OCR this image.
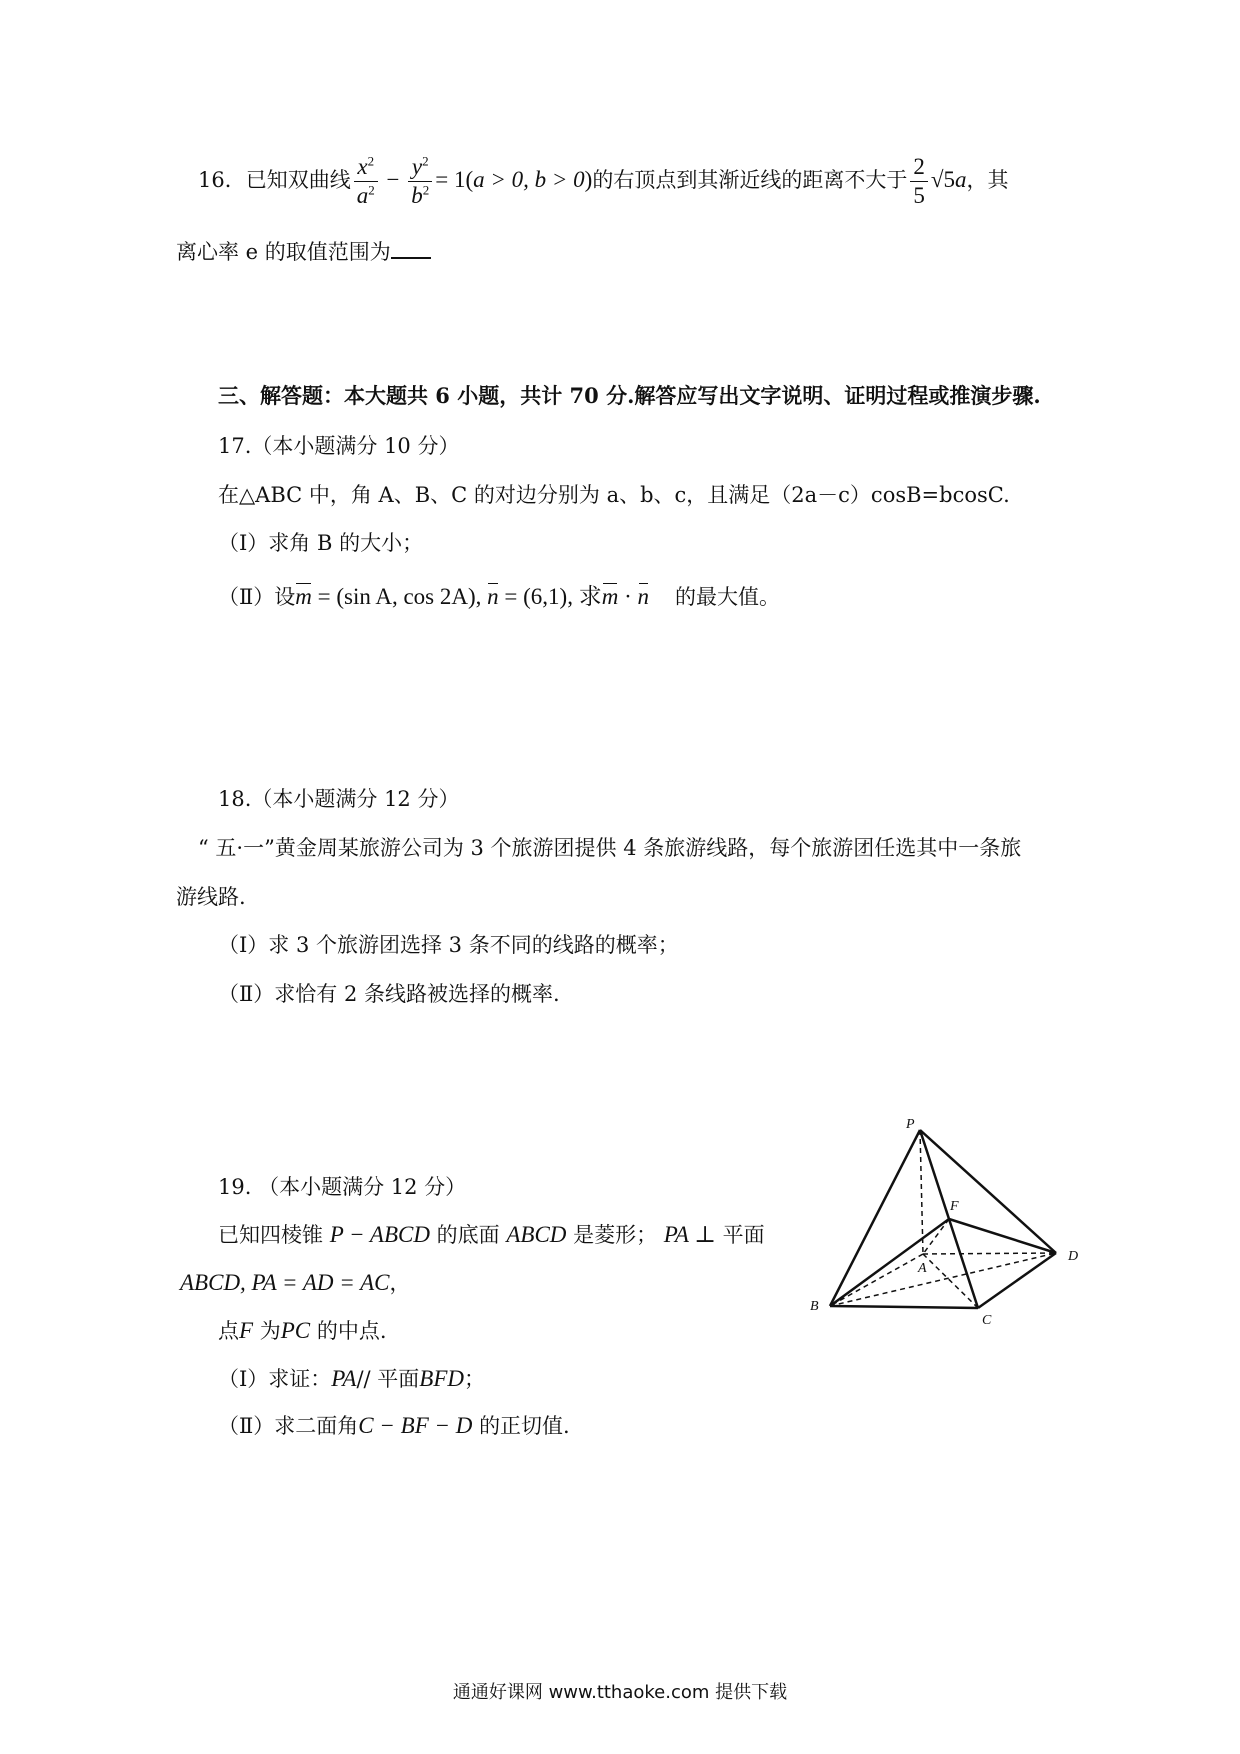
16．已知双曲线 $\frac{x^2}{a^2} - \frac{y^2}{b^2} = 1(a > 0$, b > 0)的右顶点到其渐近线的距离不大于 $\frac{2}{5} √5a$，其
离心率 e 的取值范围为
三、解答题：本大题共 6 小题，共计 70 分.解答应写出文字说明、证明过程或推演步骤.
17.（本小题满分 10 分）
在△ABC 中，角 A、B、C 的对边分别为 a、b、c，且满足（2a－c）cosB=bcosC.
（Ⅰ）求角 B 的大小；
（Ⅱ）设m = (sin A, cos 2A), n = (6,1), 求m · n 的最大值。
18.（本小题满分 12 分）
“ 五·一”黄金周某旅游公司为 3 个旅游团提供 4 条旅游线路，每个旅游团任选其中一条旅
游线路.
（Ⅰ）求 3 个旅游团选择 3 条不同的线路的概率；
（Ⅱ）求恰有 2 条线路被选择的概率.
19. （本小题满分 12 分）
已知四棱锥 P − ABCD 的底面 ABCD 是菱形； PA ⊥ 平面
ABCD, PA = AD = AC，
点F 为PC 的中点.
（Ⅰ）求证：PA// 平面BFD；
（Ⅱ）求二面角C − BF − D 的正切值.
P
F
A
D
B
C
通通好课网 www.tthaoke.com 提供下载
